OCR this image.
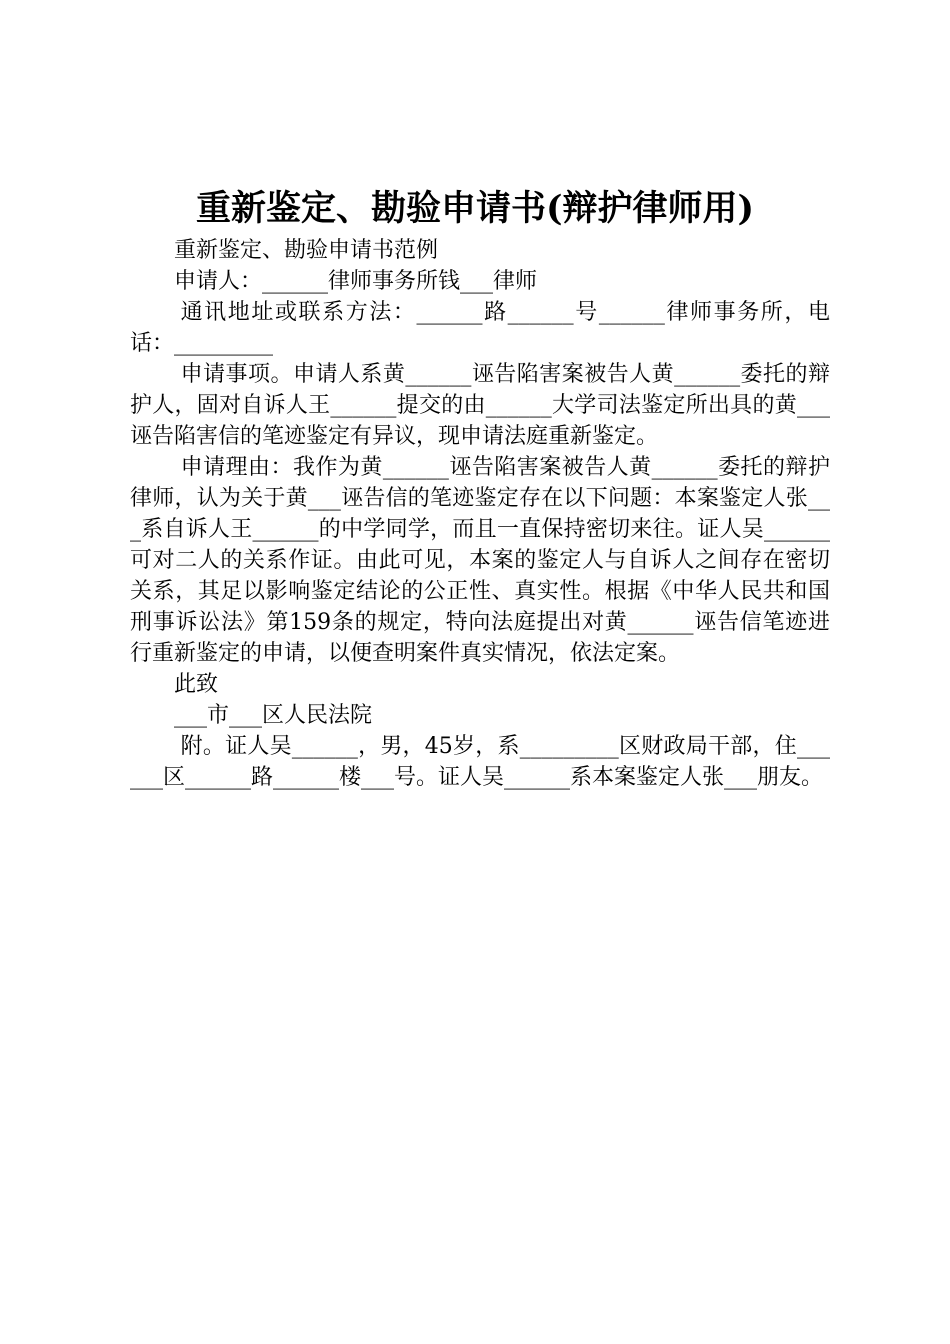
重新鉴定、勘验申请书(辩护律师用)

重新鉴定、勘验申请书范例

申请人：______律师事务所钱___律师

通讯地址或联系方法：______路______号______律师事务所，电话：_________

申请事项。申请人系黄______诬告陷害案被告人黄______委托的辩护人，固对自诉人王______提交的由______大学司法鉴定所出具的黄___诬告陷害信的笔迹鉴定有异议，现申请法庭重新鉴定。

申请理由：我作为黄______诬告陷害案被告人黄______委托的辩护律师，认为关于黄___诬告信的笔迹鉴定存在以下问题：本案鉴定人张___系自诉人王______的中学同学，而且一直保持密切来往。证人吴______可对二人的关系作证。由此可见，本案的鉴定人与自诉人之间存在密切关系，其足以影响鉴定结论的公正性、真实性。根据《中华人民共和国刑事诉讼法》第159条的规定，特向法庭提出对黄______诬告信笔迹进行重新鉴定的申请，以便查明案件真实情况，依法定案。

此致

___市___区人民法院

附。证人吴______，男，45岁，系_________区财政局干部，住______区______路______楼___号。证人吴______系本案鉴定人张___朋友。
